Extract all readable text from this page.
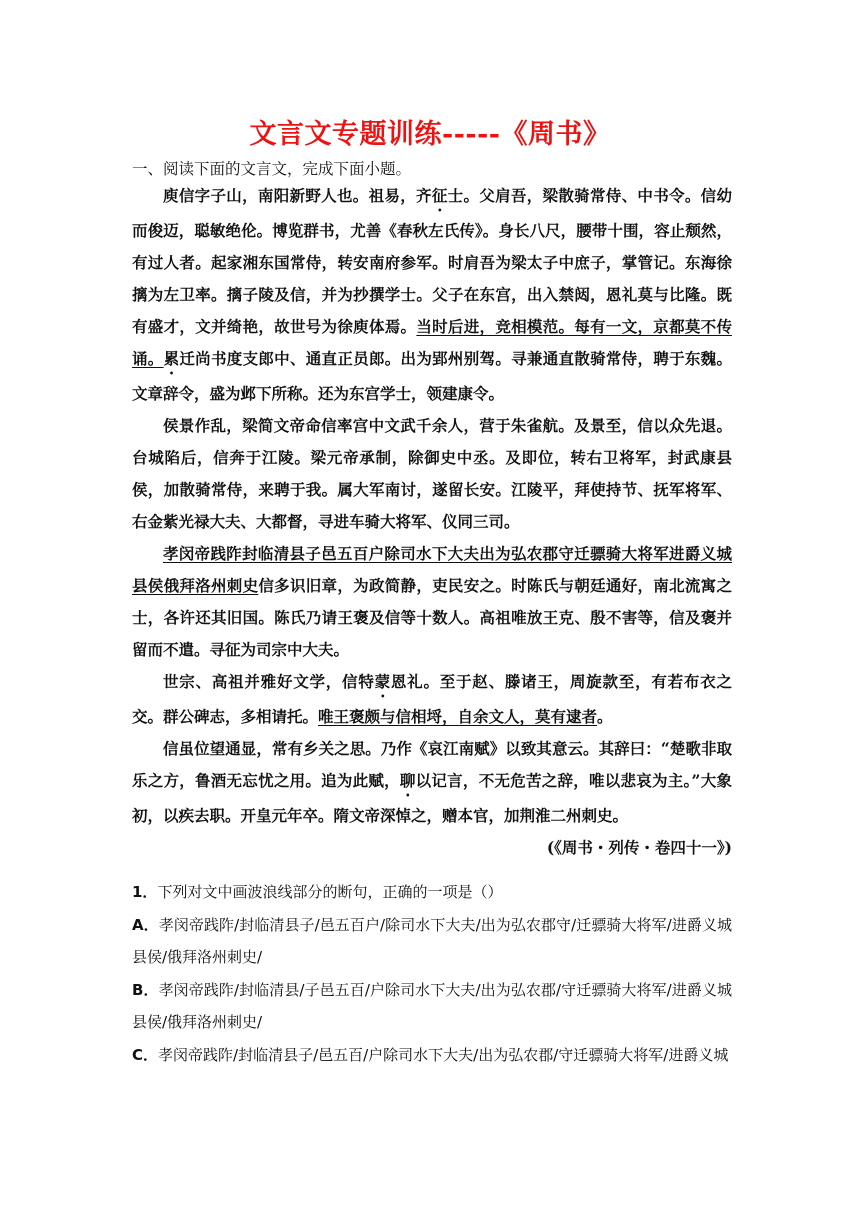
文言文专题训练-----《周书》
一、阅读下面的文言文，完成下面小题。

庾信字子山，南阳新野人也。祖易，齐征士。父肩吾，梁散骑常侍、中书令。信幼而俊迈，聪敏绝伦。博览群书，尤善《春秋左氏传》。身长八尺，腰带十围，容止颓然，有过人者。起家湘东国常侍，转安南府参军。时肩吾为梁太子中庶子，掌管记。东海徐摛为左卫率。摛子陵及信，并为抄撰学士。父子在东宫，出入禁闼，恩礼莫与比隆。既有盛才，文并绮艳，故世号为徐庾体焉。当时后进，竞相模范。每有一文，京都莫不传诵。累迁尚书度支郎中、通直正员郎。出为郢州别驾。寻兼通直散骑常侍，聘于东魏。文章辞令，盛为邺下所称。还为东宫学士，领建康令。

侯景作乱，梁简文帝命信率宫中文武千余人，营于朱雀航。及景至，信以众先退。台城陷后，信奔于江陵。梁元帝承制，除御史中丞。及即位，转右卫将军，封武康县侯，加散骑常侍，来聘于我。属大军南讨，遂留长安。江陵平，拜使持节、抚军将军、右金紫光禄大夫、大都督，寻进车骑大将军、仪同三司。

孝闵帝践阼封临清县子邑五百户除司水下大夫出为弘农郡守迁骠骑大将军进爵义城县侯俄拜洛州刺史信多识旧章，为政简静，吏民安之。时陈氏与朝廷通好，南北流寓之士，各许还其旧国。陈氏乃请王褒及信等十数人。高祖唯放王克、殷不害等，信及褒并留而不遣。寻征为司宗中大夫。

世宗、高祖并雅好文学，信特蒙恩礼。至于赵、滕诸王，周旋款至，有若布衣之交。群公碑志，多相请托。唯王褒颇与信相埒，自余文人，莫有逮者。

信虽位望通显，常有乡关之思。乃作《哀江南赋》以致其意云。其辞曰：“楚歌非取乐之方，鲁酒无忘忧之用。追为此赋，聊以记言，不无危苦之辞，唯以悲哀为主。”大象初，以疾去职。开皇元年卒。隋文帝深悼之，赠本官，加荆淮二州刺史。

(《周书・列传・卷四十一》)

1．下列对文中画波浪线部分的断句，正确的一项是（）

A．孝闵帝践阼/封临清县子/邑五百户/除司水下大夫/出为弘农郡守/迁骠骑大将军/进爵义城县侯/俄拜洛州刺史/

B．孝闵帝践阼/封临清县/子邑五百/户除司水下大夫/出为弘农郡/守迁骠骑大将军/进爵义城县侯/俄拜洛州刺史/

C．孝闵帝践阼/封临清县子/邑五百/户除司水下大夫/出为弘农郡/守迁骠骑大将军/进爵义城
